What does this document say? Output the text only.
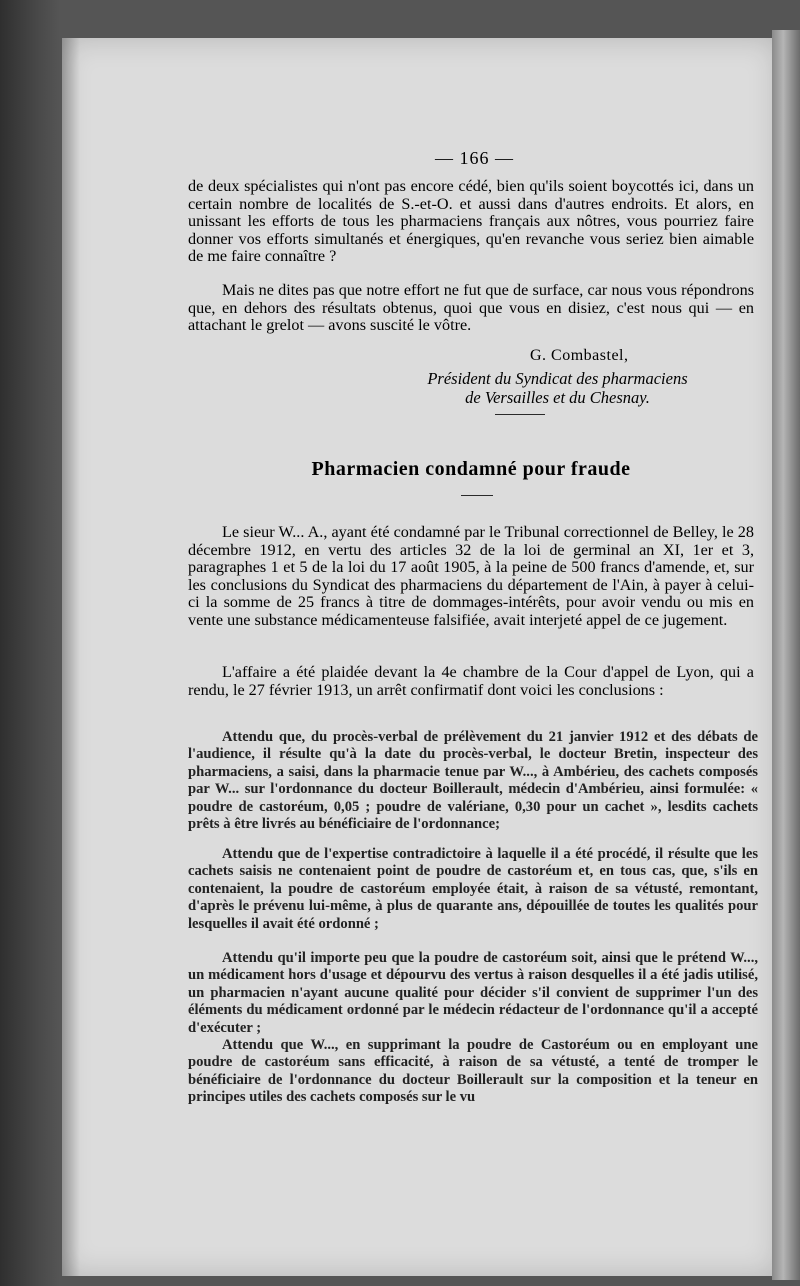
— 166 —

de deux spécialistes qui n'ont pas encore cédé, bien qu'ils soient boycottés ici, dans un certain nombre de localités de S.-et-O. et aussi dans d'autres endroits. Et alors, en unissant les efforts de tous les pharmaciens français aux nôtres, vous pourriez faire donner vos efforts simultanés et énergiques, qu'en revanche vous seriez bien aimable de me faire connaître ?

Mais ne dites pas que notre effort ne fut que de surface, car nous vous répondrons que, en dehors des résultats obtenus, quoi que vous en disiez, c'est nous qui — en attachant le grelot — avons suscité le vôtre.

G. Combastel,
Président du Syndicat des pharmaciens
de Versailles et du Chesnay.
Pharmacien condamné pour fraude

Le sieur W... A., ayant été condamné par le Tribunal correctionnel de Belley, le 28 décembre 1912, en vertu des articles 32 de la loi de germinal an XI, 1er et 3, paragraphes 1 et 5 de la loi du 17 août 1905, à la peine de 500 francs d'amende, et, sur les conclusions du Syndicat des pharmaciens du département de l'Ain, à payer à celui-ci la somme de 25 francs à titre de dommages-intérêts, pour avoir vendu ou mis en vente une substance médicamenteuse falsifiée, avait interjeté appel de ce jugement.

L'affaire a été plaidée devant la 4e chambre de la Cour d'appel de Lyon, qui a rendu, le 27 février 1913, un arrêt confirmatif dont voici les conclusions :

Attendu que, du procès-verbal de prélèvement du 21 janvier 1912 et des débats de l'audience, il résulte qu'à la date du procès-verbal, le docteur Bretin, inspecteur des pharmaciens, a saisi, dans la pharmacie tenue par W..., à Ambérieu, des cachets composés par W... sur l'ordonnance du docteur Boillerault, médecin d'Ambérieu, ainsi formulée: « poudre de castoréum, 0,05 ; poudre de valériane, 0,30 pour un cachet », lesdits cachets prêts à être livrés au bénéficiaire de l'ordonnance;

Attendu que de l'expertise contradictoire à laquelle il a été procédé, il résulte que les cachets saisis ne contenaient point de poudre de castoréum et, en tous cas, que, s'ils en contenaient, la poudre de castoréum employée était, à raison de sa vétusté, remontant, d'après le prévenu lui-même, à plus de quarante ans, dépouillée de toutes les qualités pour lesquelles il avait été ordonné ;

Attendu qu'il importe peu que la poudre de castoréum soit, ainsi que le prétend W..., un médicament hors d'usage et dépourvu des vertus à raison desquelles il a été jadis utilisé, un pharmacien n'ayant aucune qualité pour décider s'il convient de supprimer l'un des éléments du médicament ordonné par le médecin rédacteur de l'ordonnance qu'il a accepté d'exécuter ;

Attendu que W..., en supprimant la poudre de Castoréum ou en employant une poudre de castoréum sans efficacité, à raison de sa vétusté, a tenté de tromper le bénéficiaire de l'ordonnance du docteur Boillerault sur la composition et la teneur en principes utiles des cachets composés sur le vu
